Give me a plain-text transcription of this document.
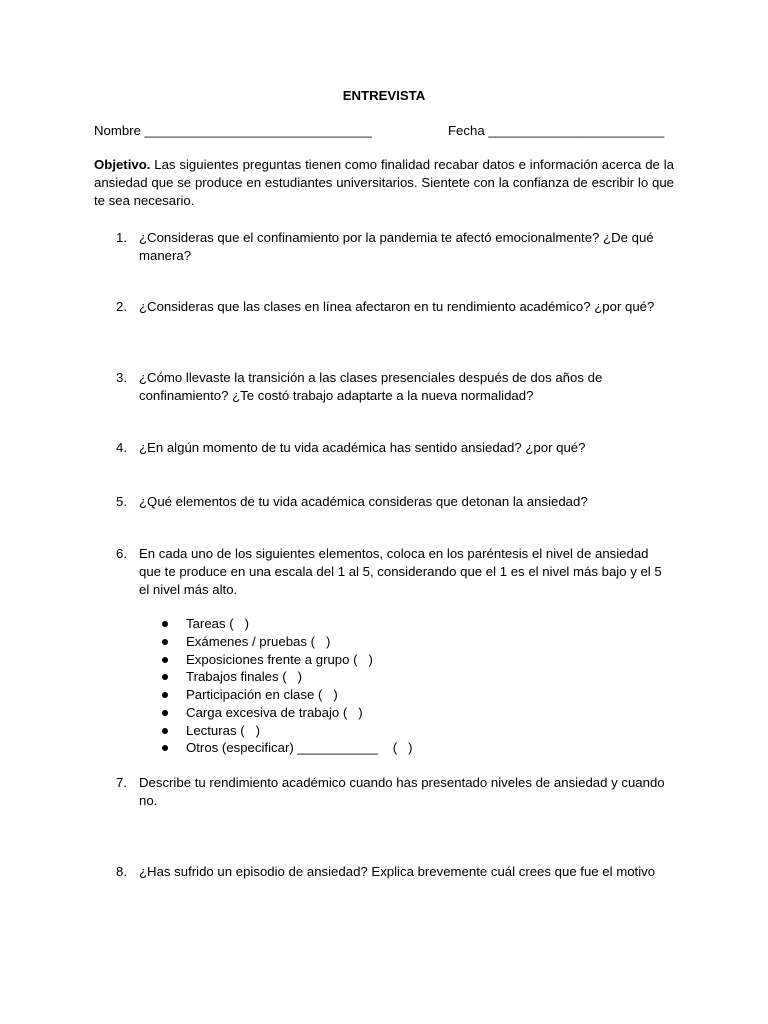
ENTREVISTA
Nombre _______________________________	Fecha ________________________
Objetivo. Las siguientes preguntas tienen como finalidad recabar datos e información acerca de la ansiedad que se produce en estudiantes universitarios. Sientete con la confianza de escribir lo que te sea necesario.
1. ¿Consideras que el confinamiento por la pandemia te afectó emocionalmente? ¿De qué manera?
2. ¿Consideras que las clases en línea afectaron en tu rendimiento académico? ¿por qué?
3. ¿Cómo llevaste la transición a las clases presenciales después de dos años de confinamiento? ¿Te costó trabajo adaptarte a la nueva normalidad?
4. ¿En algún momento de tu vida académica has sentido ansiedad? ¿por qué?
5. ¿Qué elementos de tu vida académica consideras que detonan la ansiedad?
6. En cada uno de los siguientes elementos, coloca en los paréntesis el nivel de ansiedad que te produce en una escala del 1 al 5, considerando que el 1 es el nivel más bajo y el 5 el nivel más alto.
Tareas (   )
Exámenes / pruebas (   )
Exposiciones frente a grupo (   )
Trabajos finales (   )
Participación en clase (   )
Carga excesiva de trabajo (   )
Lecturas (   )
Otros (especificar) ___________    (   )
7. Describe tu rendimiento académico cuando has presentado niveles de ansiedad y cuando no.
8. ¿Has sufrido un episodio de ansiedad? Explica brevemente cuál crees que fue el motivo
